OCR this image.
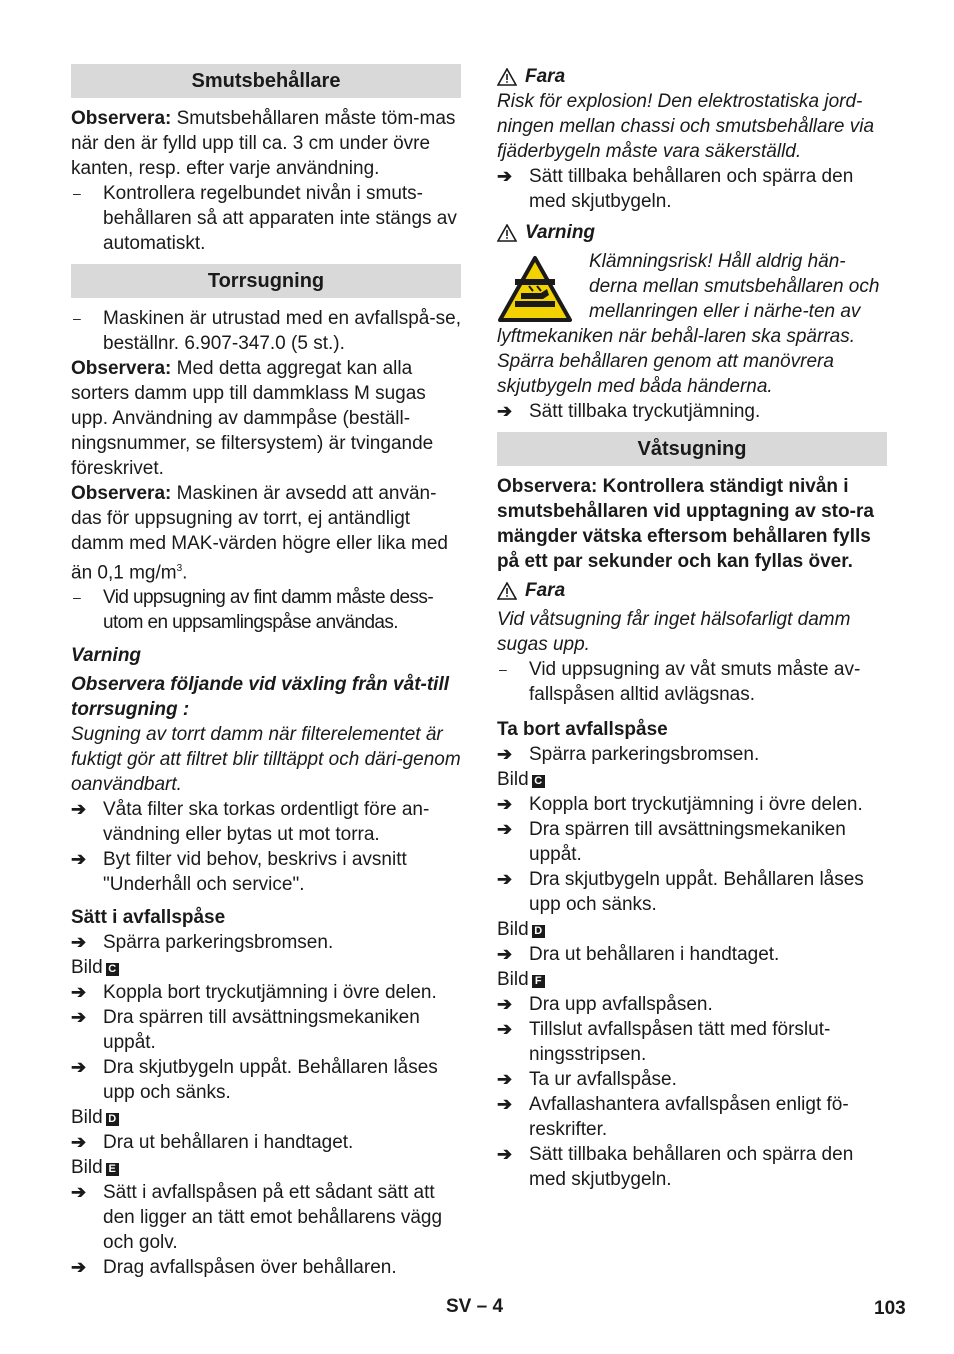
Smutsbehållare

Observera: Smutsbehållaren måste töm-mas när den är fylld upp till ca. 3 cm under övre kanten, resp. efter varje användning.

–	Kontrollera regelbundet nivån i smuts-behållaren så att apparaten inte stängs av automatiskt.
Torrsugning
–	Maskinen är utrustad med en avfallspå-se, beställnr. 6.907-347.0 (5 st.).

Observera: Med detta aggregat kan alla sorters damm upp till dammklass M sugas upp. Användning av dammpåse (beställ-ningsnummer, se filtersystem) är tvingande föreskrivet.

Observera: Maskinen är avsedd att använ-das för uppsugning av torrt, ej antändligt damm med MAK-värden högre eller lika med än 0,1 $mg/m^3$.

–	Vid uppsugning av fint damm måste dess-utom en uppsamlingspåse användas.

Varning

Observera följande vid växling från våt-till torrsugning :

Sugning av torrt damm när filterelementet är fuktigt gör att filtret blir tilltäppt och däri-genom oanvändbart.

➔ Våta filter ska torkas ordentligt före an-vändning eller bytas ut mot torra.
➔ Byt filter vid behov, beskrivs i avsnitt "Underhåll och service".
Sätt i avfallspåse
➔ Spärra parkeringsbromsen.

Bild C

➔ Koppla bort tryckutjämning i övre delen.
➔ Dra spärren till avsättningsmekaniken uppåt.
➔ Dra skjutbygeln uppåt. Behållaren låses upp och sänks.

Bild D

➔ Dra ut behållaren i handtaget.

Bild E

➔ Sätt i avfallspåsen på ett sådant sätt att den ligger an tätt emot behållarens vägg och golv.
➔ Drag avfallspåsen över behållaren.
Fara

Risk för explosion! Den elektrostatiska jord-ningen mellan chassi och smutsbehållare via fjäderbygeln måste vara säkerställd.

➔ Sätt tillbaka behållaren och spärra den med skjutbygeln.
Varning

Klämningsrisk! Håll aldrig hän-derna mellan smutsbehållaren och mellanringen eller i närhe-ten av lyftmekaniken när behål-laren ska spärras. Spärra behållaren genom att manövrera skjutbygeln med båda händerna.

➔ Sätt tillbaka tryckutjämning.
Våtsugning

Observera: Kontrollera ständigt nivån i smutsbehållaren vid upptagning av sto-ra mängder vätska eftersom behållaren fylls på ett par sekunder och kan fyllas över.

Fara

Vid våtsugning får inget hälsofarligt damm sugas upp.

–	Vid uppsugning av våt smuts måste av-fallspåsen alltid avlägsnas.
Ta bort avfallspåse
➔ Spärra parkeringsbromsen.

Bild C

➔ Koppla bort tryckutjämning i övre delen.
➔ Dra spärren till avsättningsmekaniken uppåt.
➔ Dra skjutbygeln uppåt. Behållaren låses upp och sänks.

Bild D

➔ Dra ut behållaren i handtaget.

Bild F

➔ Dra upp avfallspåsen.
➔ Tillslut avfallspåsen tätt med förslut-ningsstripsen.
➔ Ta ur avfallspåse.
➔ Avfallashantera avfallspåsen enligt fö-reskrifter.
➔ Sätt tillbaka behållaren och spärra den med skjutbygeln.
SV – 4	103
